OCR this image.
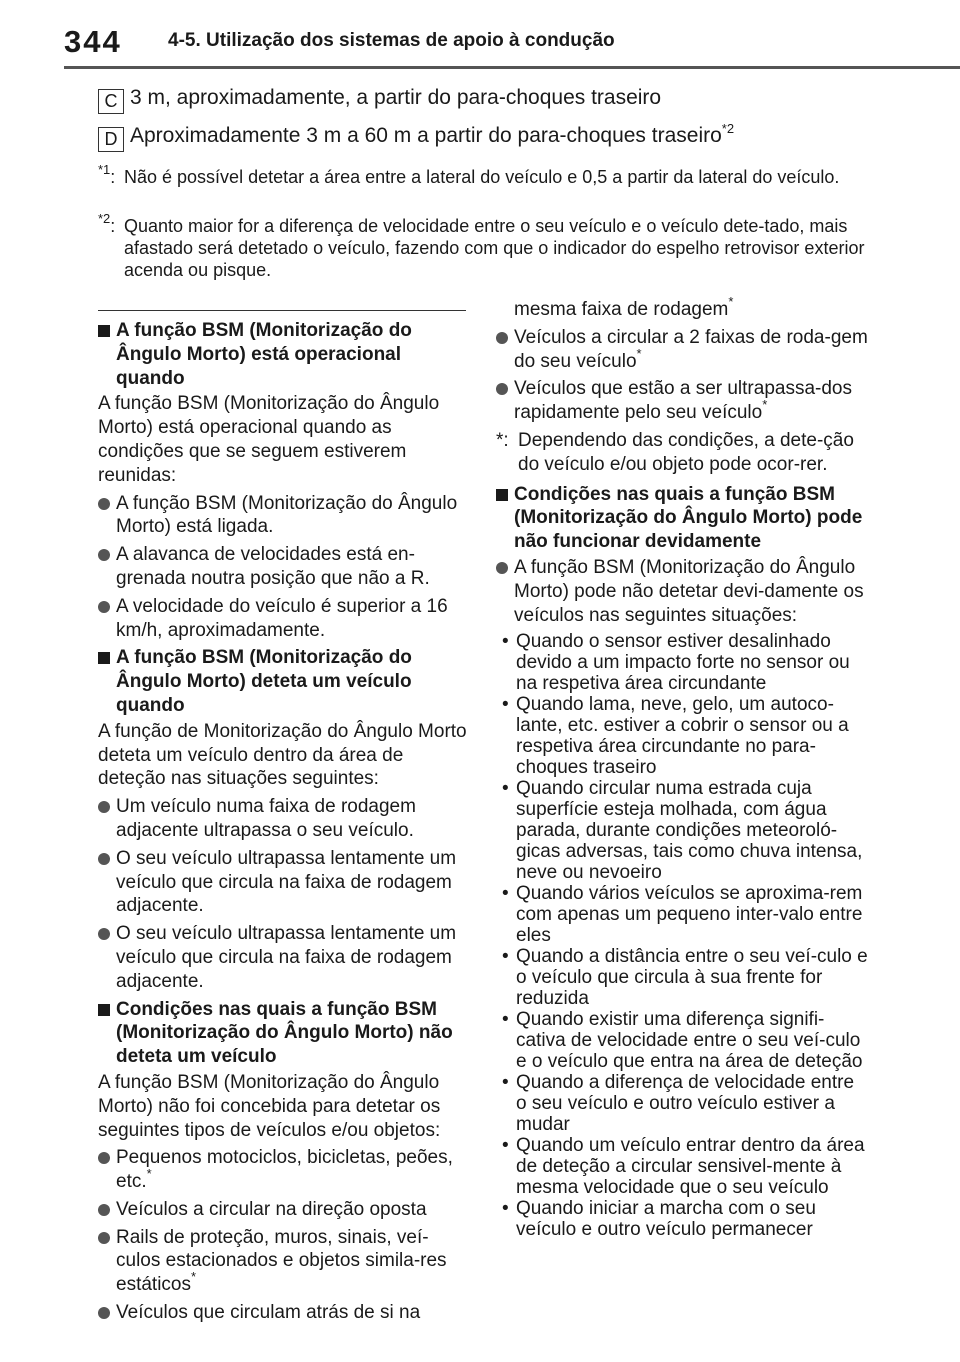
344 4-5. Utilização dos sistemas de apoio à condução
C 3 m, aproximadamente, a partir do para-choques traseiro
D Aproximadamente 3 m a 60 m a partir do para-choques traseiro$^{*2}$
$^{*1}$: Não é possível detetar a área entre a lateral do veículo e 0,5 a partir da lateral do veículo.
$^{*2}$: Quanto maior for a diferença de velocidade entre o seu veículo e o veículo dete-tado, mais afastado será detetado o veículo, fazendo com que o indicador do espelho retrovisor exterior acenda ou pisque.
A função BSM (Monitorização do Ângulo Morto) está operacional quando
A função BSM (Monitorização do Ângulo Morto) está operacional quando as condições que se seguem estiverem reunidas:
A função BSM (Monitorização do Ângulo Morto) está ligada.
A alavanca de velocidades está en-grenada noutra posição que não a R.
A velocidade do veículo é superior a 16 km/h, aproximadamente.
A função BSM (Monitorização do Ângulo Morto) deteta um veículo quando
A função de Monitorização do Ângulo Morto deteta um veículo dentro da área de deteção nas situações seguintes:
Um veículo numa faixa de rodagem adjacente ultrapassa o seu veículo.
O seu veículo ultrapassa lentamente um veículo que circula na faixa de rodagem adjacente.
O seu veículo ultrapassa lentamente um veículo que circula na faixa de rodagem adjacente.
Condições nas quais a função BSM (Monitorização do Ângulo Morto) não deteta um veículo
A função BSM (Monitorização do Ângulo Morto) não foi concebida para detetar os seguintes tipos de veículos e/ou objetos:
Pequenos motociclos, bicicletas, peões, etc.*
Veículos a circular na direção oposta
Rails de proteção, muros, sinais, veí-culos estacionados e objetos simila-res estáticos*
Veículos que circulam atrás de si na
mesma faixa de rodagem*
Veículos a circular a 2 faixas de roda-gem do seu veículo*
Veículos que estão a ser ultrapassa-dos rapidamente pelo seu veículo*
*: Dependendo das condições, a dete-ção do veículo e/ou objeto pode ocor-rer.
Condições nas quais a função BSM (Monitorização do Ângulo Morto) pode não funcionar devidamente
A função BSM (Monitorização do Ângulo Morto) pode não detetar devi-damente os veículos nas seguintes situações:
• Quando o sensor estiver desalinhado devido a um impacto forte no sensor ou na respetiva área circundante
• Quando lama, neve, gelo, um autoco-lante, etc. estiver a cobrir o sensor ou a respetiva área circundante no para-choques traseiro
• Quando circular numa estrada cuja superfície esteja molhada, com água parada, durante condições meteoroló-gicas adversas, tais como chuva intensa, neve ou nevoeiro
• Quando vários veículos se aproxima-rem com apenas um pequeno inter-valo entre eles
• Quando a distância entre o seu veí-culo e o veículo que circula à sua frente for reduzida
• Quando existir uma diferença signifi-cativa de velocidade entre o seu veí-culo e o veículo que entra na área de deteção
• Quando a diferença de velocidade entre o seu veículo e outro veículo estiver a mudar
• Quando um veículo entrar dentro da área de deteção a circular sensivel-mente à mesma velocidade que o seu veículo
• Quando iniciar a marcha com o seu veículo e outro veículo permanecer
